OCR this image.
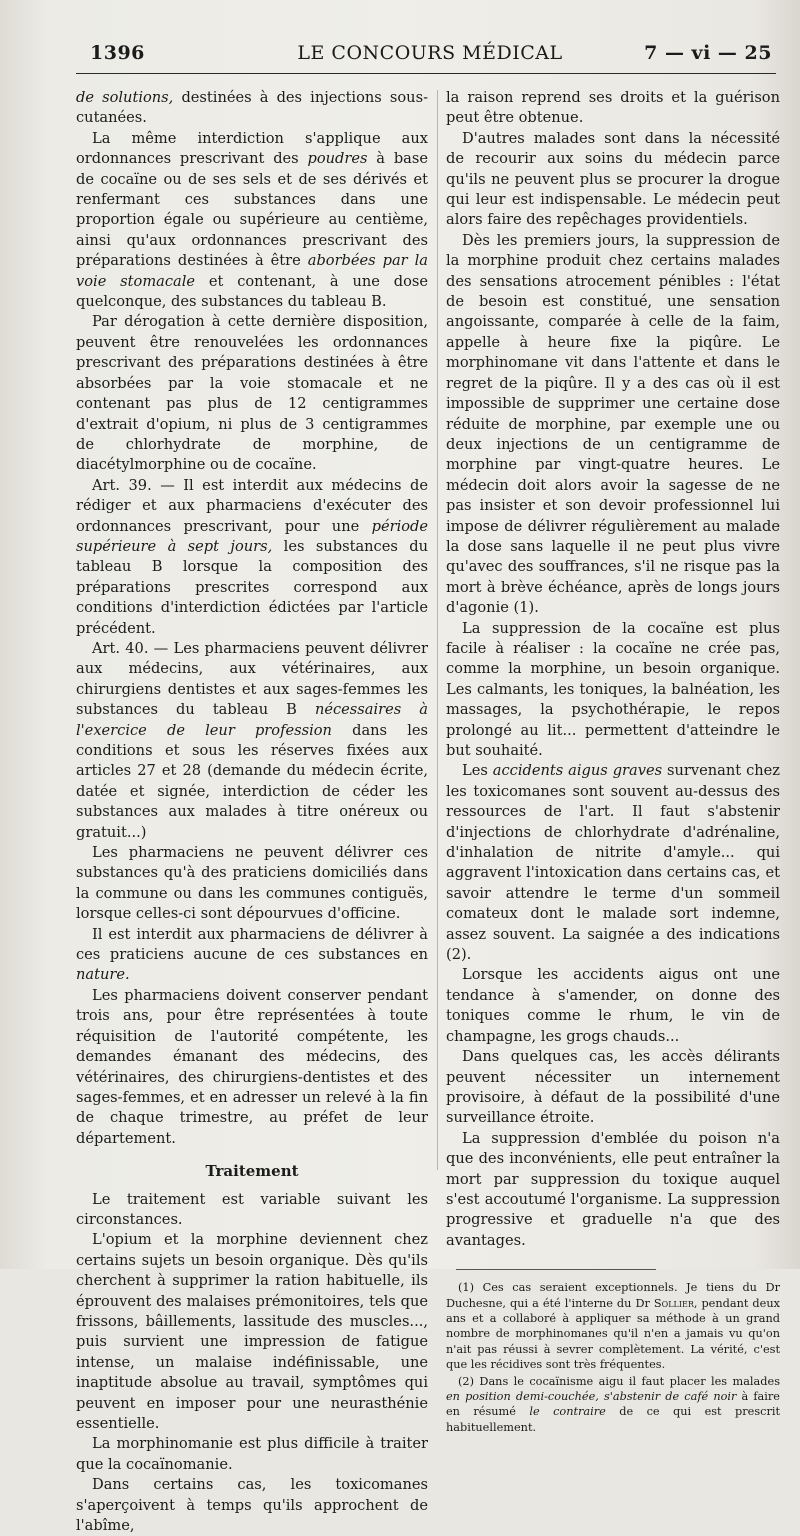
1396	LE CONCOURS MÉDICAL	7 — vi — 25

de solutions, destinées à des injections sous-cutanées.

La même interdiction s'applique aux ordonnances prescrivant des poudres à base de cocaïne ou de ses sels et de ses dérivés et renfermant ces substances dans une proportion égale ou supérieure au centième, ainsi qu'aux ordonnances prescrivant des préparations destinées à être aborbées par la voie stomacale et contenant, à une dose quelconque, des substances du tableau B.

Par dérogation à cette dernière disposition, peuvent être renouvelées les ordonnances prescrivant des préparations destinées à être absorbées par la voie stomacale et ne contenant pas plus de 12 centigrammes d'extrait d'opium, ni plus de 3 centigrammes de chlorhydrate de morphine, de diacétylmorphine ou de cocaïne.

Art. 39. — Il est interdit aux médecins de rédiger et aux pharmaciens d'exécuter des ordonnances prescrivant, pour une période supérieure à sept jours, les substances du tableau B lorsque la composition des préparations prescrites correspond aux conditions d'interdiction édictées par l'article précédent.

Art. 40. — Les pharmaciens peuvent délivrer aux médecins, aux vétérinaires, aux chirurgiens dentistes et aux sages-femmes les substances du tableau B nécessaires à l'exercice de leur profession dans les conditions et sous les réserves fixées aux articles 27 et 28 (demande du médecin écrite, datée et signée, interdiction de céder les substances aux malades à titre onéreux ou gratuit...)

Les pharmaciens ne peuvent délivrer ces substances qu'à des praticiens domiciliés dans la commune ou dans les communes contiguës, lorsque celles-ci sont dépourvues d'officine.

Il est interdit aux pharmaciens de délivrer à ces praticiens aucune de ces substances en nature.

Les pharmaciens doivent conserver pendant trois ans, pour être représentées à toute réquisition de l'autorité compétente, les demandes émanant des médecins, des vétérinaires, des chirurgiens-dentistes et des sages-femmes, et en adresser un relevé à la fin de chaque trimestre, au préfet de leur département.

Traitement

Le traitement est variable suivant les circonstances.

L'opium et la morphine deviennent chez certains sujets un besoin organique. Dès qu'ils cherchent à supprimer la ration habituelle, ils éprouvent des malaises prémonitoires, tels que frissons, bâillements, lassitude des muscles..., puis survient une impression de fatigue intense, un malaise indéfinissable, une inaptitude absolue au travail, symptômes qui peuvent en imposer pour une neurasthénie essentielle.

La morphinomanie est plus difficile à traiter que la cocaïnomanie.

Dans certains cas, les toxicomanes s'aperçoivent à temps qu'ils approchent de l'abîme,

la raison reprend ses droits et la guérison peut être obtenue.

D'autres malades sont dans la nécessité de recourir aux soins du médecin parce qu'ils ne peuvent plus se procurer la drogue qui leur est indispensable. Le médecin peut alors faire des repêchages providentiels.

Dès les premiers jours, la suppression de la morphine produit chez certains malades des sensations atrocement pénibles : l'état de besoin est constitué, une sensation angoissante, comparée à celle de la faim, appelle à heure fixe la piqûre. Le morphinomane vit dans l'attente et dans le regret de la piqûre. Il y a des cas où il est impossible de supprimer une certaine dose réduite de morphine, par exemple une ou deux injections de un centigramme de morphine par vingt-quatre heures. Le médecin doit alors avoir la sagesse de ne pas insister et son devoir professionnel lui impose de délivrer régulièrement au malade la dose sans laquelle il ne peut plus vivre qu'avec des souffrances, s'il ne risque pas la mort à brève échéance, après de longs jours d'agonie (1).

La suppression de la cocaïne est plus facile à réaliser : la cocaïne ne crée pas, comme la morphine, un besoin organique. Les calmants, les toniques, la balnéation, les massages, la psychothérapie, le repos prolongé au lit... permettent d'atteindre le but souhaité.

Les accidents aigus graves survenant chez les toxicomanes sont souvent au-dessus des ressources de l'art. Il faut s'abstenir d'injections de chlorhydrate d'adrénaline, d'inhalation de nitrite d'amyle... qui aggravent l'intoxication dans certains cas, et savoir attendre le terme d'un sommeil comateux dont le malade sort indemne, assez souvent. La saignée a des indications (2).

Lorsque les accidents aigus ont une tendance à s'amender, on donne des toniques comme le rhum, le vin de champagne, les grogs chauds...

Dans quelques cas, les accès délirants peuvent nécessiter un internement provisoire, à défaut de la possibilité d'une surveillance étroite.

La suppression d'emblée du poison n'a que des inconvénients, elle peut entraîner la mort par suppression du toxique auquel s'est accoutumé l'organisme. La suppression progressive et graduelle n'a que des avantages.

(1) Ces cas seraient exceptionnels. Je tiens du Dr Duchesne, qui a été l'interne du Dr Sollier, pendant deux ans et a collaboré à appliquer sa méthode à un grand nombre de morphinomanes qu'il n'en a jamais vu qu'on n'ait pas réussi à sevrer complètement. La vérité, c'est que les récidives sont très fréquentes.

(2) Dans le cocaïnisme aigu il faut placer les malades en position demi-couchée, s'abstenir de café noir à faire en résumé le contraire de ce qui est prescrit habituellement.
